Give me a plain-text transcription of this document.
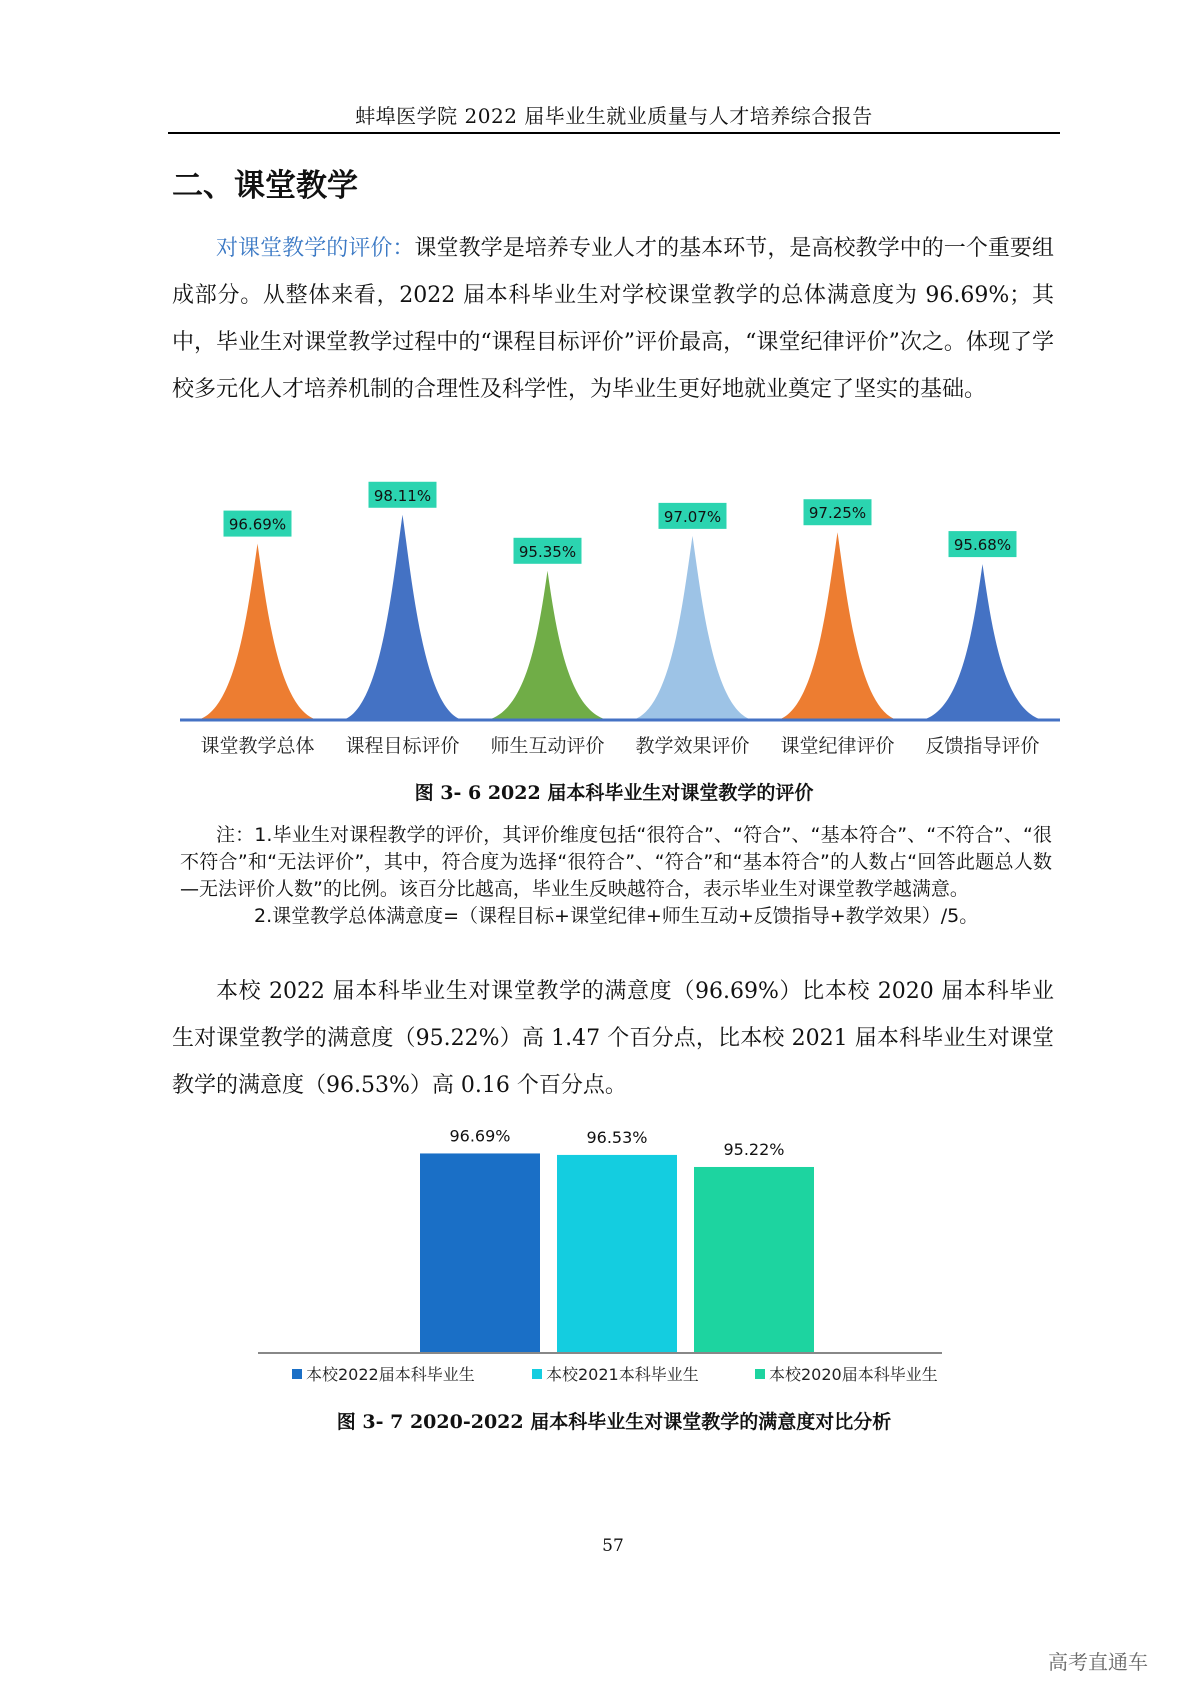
蚌埠医学院 2022 届毕业生就业质量与人才培养综合报告
二、课堂教学
对课堂教学的评价：课堂教学是培养专业人才的基本环节，是高校教学中的一个重要组成部分。从整体来看，2022 届本科毕业生对学校课堂教学的总体满意度为 96.69%；其中，毕业生对课堂教学过程中的“课程目标评价”评价最高，“课堂纪律评价”次之。体现了学校多元化人才培养机制的合理性及科学性，为毕业生更好地就业奠定了坚实的基础。
96.69%
课堂教学总体
98.11%
课程目标评价
95.35%
师生互动评价
97.07%
教学效果评价
97.25%
课堂纪律评价
95.68%
反馈指导评价
图 3- 6 2022 届本科毕业生对课堂教学的评价
注：1.毕业生对课程教学的评价，其评价维度包括“很符合”、“符合”、“基本符合”、“不符合”、“很不符合”和“无法评价”，其中，符合度为选择“很符合”、“符合”和“基本符合”的人数占“回答此题总人数—无法评价人数”的比例。该百分比越高，毕业生反映越符合，表示毕业生对课堂教学越满意。
2.课堂教学总体满意度=（课程目标+课堂纪律+师生互动+反馈指导+教学效果）/5。
本校 2022 届本科毕业生对课堂教学的满意度（96.69%）比本校 2020 届本科毕业生对课堂教学的满意度（95.22%）高 1.47 个百分点，比本校 2021 届本科毕业生对课堂教学的满意度（96.53%）高 0.16 个百分点。
96.69%	96.53%
95.22%
本校2022届本科毕业生	本校2021本科毕业生	本校2020届本科毕业生
图 3- 7 2020-2022 届本科毕业生对课堂教学的满意度对比分析
57
高考直通车
